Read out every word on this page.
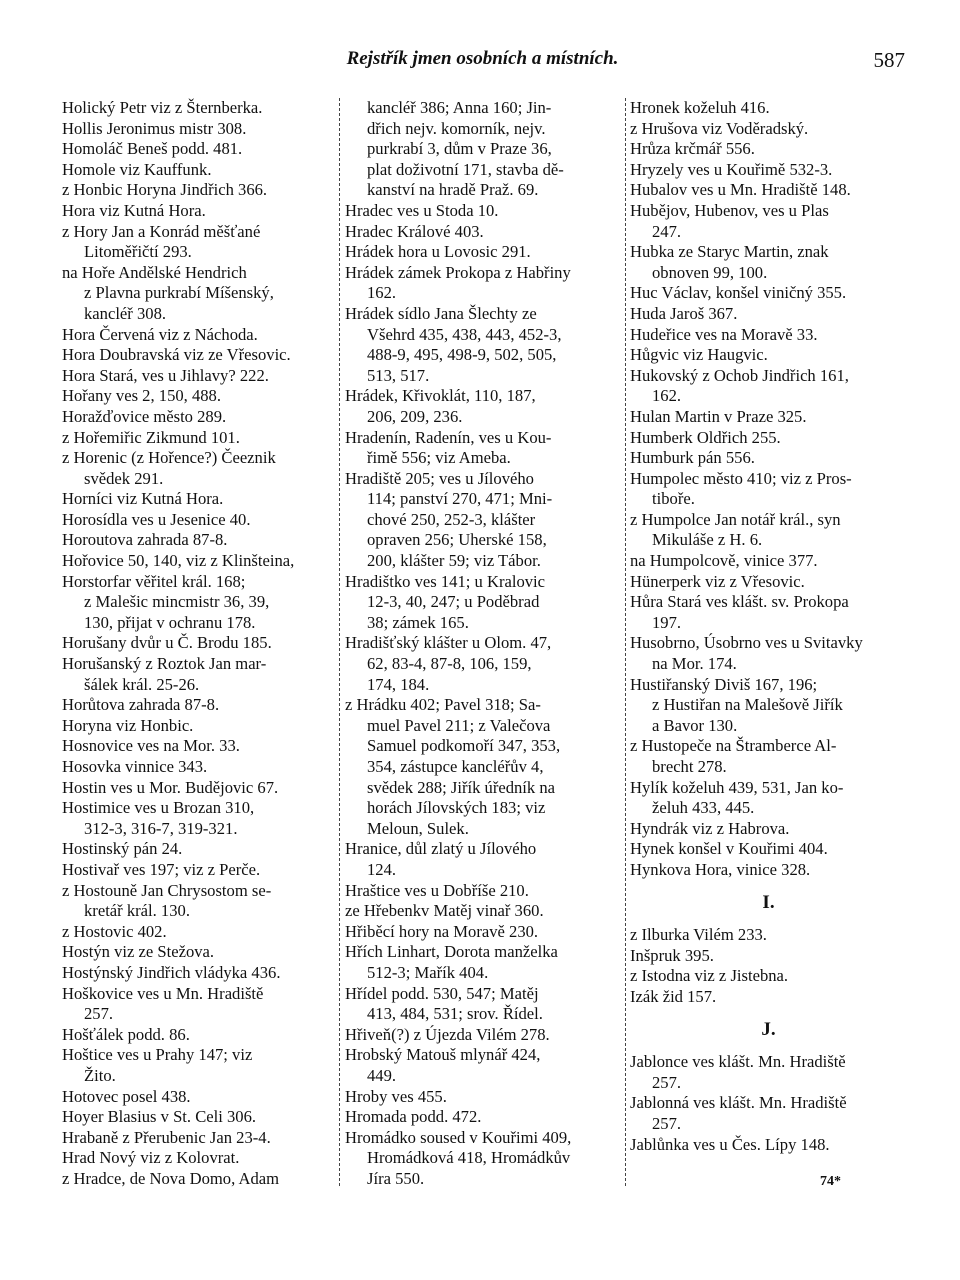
Rejstřík jmen osobních a místních.	587
Holický Petr viz z Šternberka.
Hollis Jeronimus mistr 308.
Homoláč Beneš podd. 481.
Homole viz Kauffunk.
z Honbic Horyna Jindřich 366.
Hora viz Kutná Hora.
z Hory Jan a Konrád měšťané
Litoměřičtí 293.
na Hoře Andělské Hendrich
z Plavna purkrabí Míšenský,
kancléř 308.
Hora Červená viz z Náchoda.
Hora Doubravská viz ze Vřesovic.
Hora Stará, ves u Jihlavy? 222.
Hořany ves 2, 150, 488.
Horažďovice město 289.
z Hořemiřic Zikmund 101.
z Horenic (z Hořence?) Čeeznik
svědek 291.
Horníci viz Kutná Hora.
Horosídla ves u Jesenice 40.
Horoutova zahrada 87-8.
Hořovice 50, 140, viz z Klinšteina,
Horstorfar věřitel král. 168;
z Malešic mincmistr 36, 39,
130, přijat v ochranu 178.
Horušany dvůr u Č. Brodu 185.
Horušanský z Roztok Jan mar-
šálek král. 25-26.
Horůtova zahrada 87-8.
Horyna viz Honbic.
Hosnovice ves na Mor. 33.
Hosovka vinnice 343.
Hostin ves u Mor. Budějovic 67.
Hostimice ves u Brozan 310,
312-3, 316-7, 319-321.
Hostinský pán 24.
Hostivař ves 197; viz z Perče.
z Hostouně Jan Chrysostom se-
kretář král. 130.
z Hostovic 402.
Hostýn viz ze Stežova.
Hostýnský Jindřich vládyka 436.
Hoškovice ves u Mn. Hradiště
257.
Hošťálek podd. 86.
Hoštice ves u Prahy 147; viz
Žito.
Hotovec posel 438.
Hoyer Blasius v St. Celi 306.
Hrabaně z Přerubenic Jan 23-4.
Hrad Nový viz z Kolovrat.
z Hradce, de Nova Domo, Adam
kancléř 386; Anna 160; Jin-
dřich nejv. komorník, nejv.
purkrabí 3, dům v Praze 36,
plat doživotní 171, stavba dě-
kanství na hradě Praž. 69.
Hradec ves u Stoda 10.
Hradec Králové 403.
Hrádek hora u Lovosic 291.
Hrádek zámek Prokopa z Habřiny
162.
Hrádek sídlo Jana Šlechty ze
Všehrd 435, 438, 443, 452-3,
488-9, 495, 498-9, 502, 505,
513, 517.
Hrádek, Křivoklát, 110, 187,
206, 209, 236.
Hradenín, Radenín, ves u Kou-
řimě 556; viz Ameba.
Hradiště 205; ves u Jílového
114; panství 270, 471; Mni-
chové 250, 252-3, klášter
opraven 256; Uherské 158,
200, klášter 59; viz Tábor.
Hradištko ves 141; u Kralovic
12-3, 40, 247; u Poděbrad
38; zámek 165.
Hradišťský klášter u Olom. 47,
62, 83-4, 87-8, 106, 159,
174, 184.
z Hrádku 402; Pavel 318; Sa-
muel Pavel 211; z Valečova
Samuel podkomoří 347, 353,
354, zástupce kancléřův 4,
svědek 288; Jiřík úředník na
horách Jílovských 183; viz
Meloun, Sulek.
Hranice, důl zlatý u Jílového
124.
Hraštice ves u Dobříše 210.
ze Hřebenkv Matěj vinař 360.
Hřiběcí hory na Moravě 230.
Hřích Linhart, Dorota manželka
512-3; Mařík 404.
Hřídel podd. 530, 547; Matěj
413, 484, 531; srov. Řídel.
Hřiveň(?) z Újezda Vilém 278.
Hrobský Matouš mlynář 424,
449.
Hroby ves 455.
Hromada podd. 472.
Hromádko soused v Kouřimi 409,
Hromádková 418, Hromádkův
Jíra 550.
Hronek koželuh 416.
z Hrušova viz Voděradský.
Hrůza krčmář 556.
Hryzely ves u Kouřimě 532-3.
Hubalov ves u Mn. Hradiště 148.
Hubějov, Hubenov, ves u Plas
247.
Hubka ze Staryc Martin, znak
obnoven 99, 100.
Huc Václav, konšel viničný 355.
Huda Jaroš 367.
Hudeřice ves na Moravě 33.
Hůgvic viz Haugvic.
Hukovský z Ochob Jindřich 161,
162.
Hulan Martin v Praze 325.
Humberk Oldřich 255.
Humburk pán 556.
Humpolec město 410; viz z Pros-
tiboře.
z Humpolce Jan notář král., syn
Mikuláše z H. 6.
na Humpolcově, vinice 377.
Hünerperk viz z Vřesovic.
Hůra Stará ves klášt. sv. Prokopa
197.
Husobrno, Úsobrno ves u Svitavky
na Mor. 174.
Hustiřanský Diviš 167, 196;
z Hustiřan na Malešově Jiřík
a Bavor 130.
z Hustopeče na Štramberce Al-
brecht 278.
Hylík koželuh 439, 531, Jan ko-
želuh 433, 445.
Hyndrák viz z Habrova.
Hynek konšel v Kouřimi 404.
Hynkova Hora, vinice 328.
I.
z Ilburka Vilém 233.
Inšpruk 395.
z Istodna viz z Jistebna.
Izák žid 157.
J.
Jablonce ves klášt. Mn. Hradiště
257.
Jablonná ves klášt. Mn. Hradiště
257.
Jablůnka ves u Čes. Lípy 148.
74*
